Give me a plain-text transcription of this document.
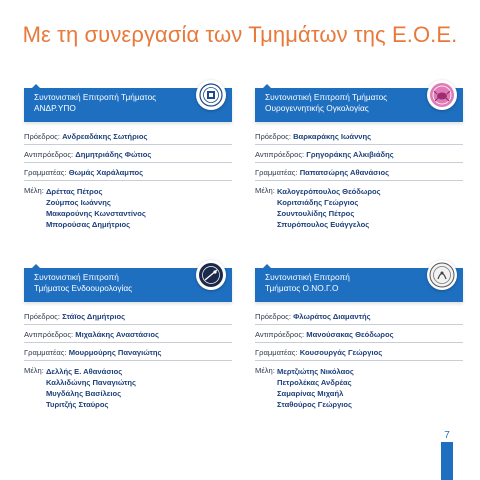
Με τη συνεργασία των Τμημάτων της Ε.Ο.Ε.
Συντονιστική Επιτροπή Τμήματος
ΑΝΔΡ.ΥΠΟ
Πρόεδρος: Ανδρεαδάκης Σωτήριος
Αντιπρόεδρος: Δημητριάδης Φώτιος
Γραμματέας: Θωμάς Χαράλαμπος
Μέλη: Δρέττας Πέτρος
Ζούμπος Ιωάννης
Μακαρούνης Κωνσταντίνος
Μπορούσας Δημήτριος
Συντονιστική Επιτροπή Τμήματος
Ουρογεννητικής Ογκολογίας
Πρόεδρος: Βαρκαράκης Ιωάννης
Αντιπρόεδρος: Γρηγοράκης Αλκιβιάδης
Γραμματέας: Παπατσώρης Αθανάσιος
Μέλη: Καλογερόπουλος Θεόδωρος
Κοριτσιάδης Γεώργιος
Σουντουλίδης Πέτρος
Σπυρόπουλος Ευάγγελος
Συντονιστική Επιτροπή
Τμήματος Ενδοουρολογίας
Πρόεδρος: Στάϊος Δημήτριος
Αντιπρόεδρος: Μιχαλάκης Αναστάσιος
Γραμματέας: Μουρμούρης Παναγιώτης
Μέλη: Δελλής Ε. Αθανάσιος
Καλλιδώνης Παναγιώτης
Μυγδάλης Βασίλειος
Τυριτζής Σταύρος
Συντονιστική Επιτροπή
Τμήματος Ο.ΝΟ.Γ.Ο
Πρόεδρος: Φλωράτος Διαμαντής
Αντιπρόεδρος: Μανούσακας Θεόδωρος
Γραμματέας: Κουσουργάς Γεώργιος
Μέλη: Μερτζιώτης Νικόλαος
Πετρολέκας Ανδρέας
Σαμαρίνας Μιχαήλ
Σταθούρος Γεώργιος
7
